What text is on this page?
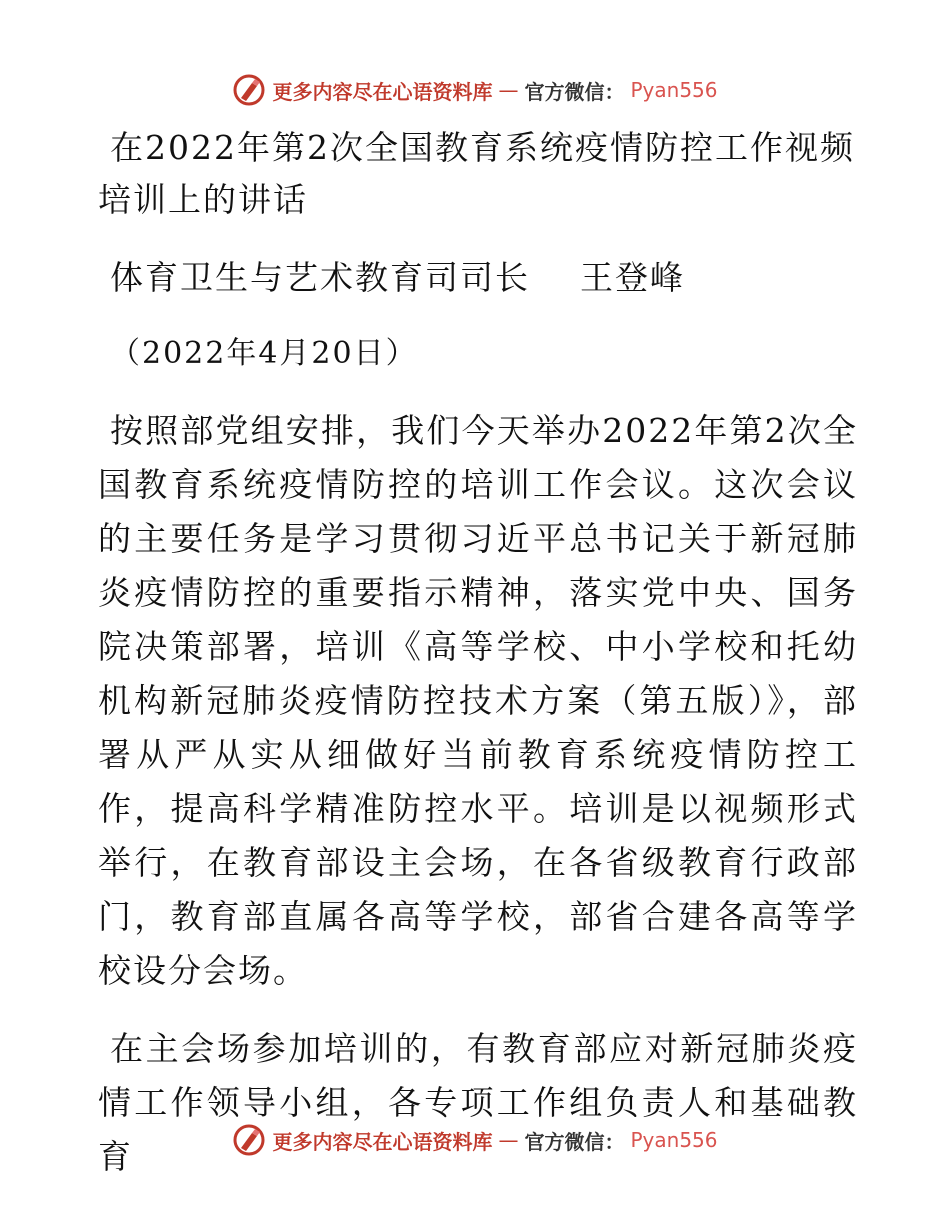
更多内容尽在心语资料库 — 官方微信： Pyan556
在2022年第2次全国教育系统疫情防控工作视频培训上的讲话

体育卫生与艺术教育司司长    王登峰

（2022年4月20日）

按照部党组安排，我们今天举办2022年第2次全国教育系统疫情防控的培训工作会议。这次会议的主要任务是学习贯彻习近平总书记关于新冠肺炎疫情防控的重要指示精神，落实党中央、国务院决策部署，培训《高等学校、中小学校和托幼机构新冠肺炎疫情防控技术方案（第五版）》，部署从严从实从细做好当前教育系统疫情防控工作，提高科学精准防控水平。培训是以视频形式举行，在教育部设主会场，在各省级教育行政部门，教育部直属各高等学校，部省合建各高等学校设分会场。

在主会场参加培训的，有教育部应对新冠肺炎疫情工作领导小组，各专项工作组负责人和基础教育	更多内容尽在心语资料库 — 官方微信： Pyan556
